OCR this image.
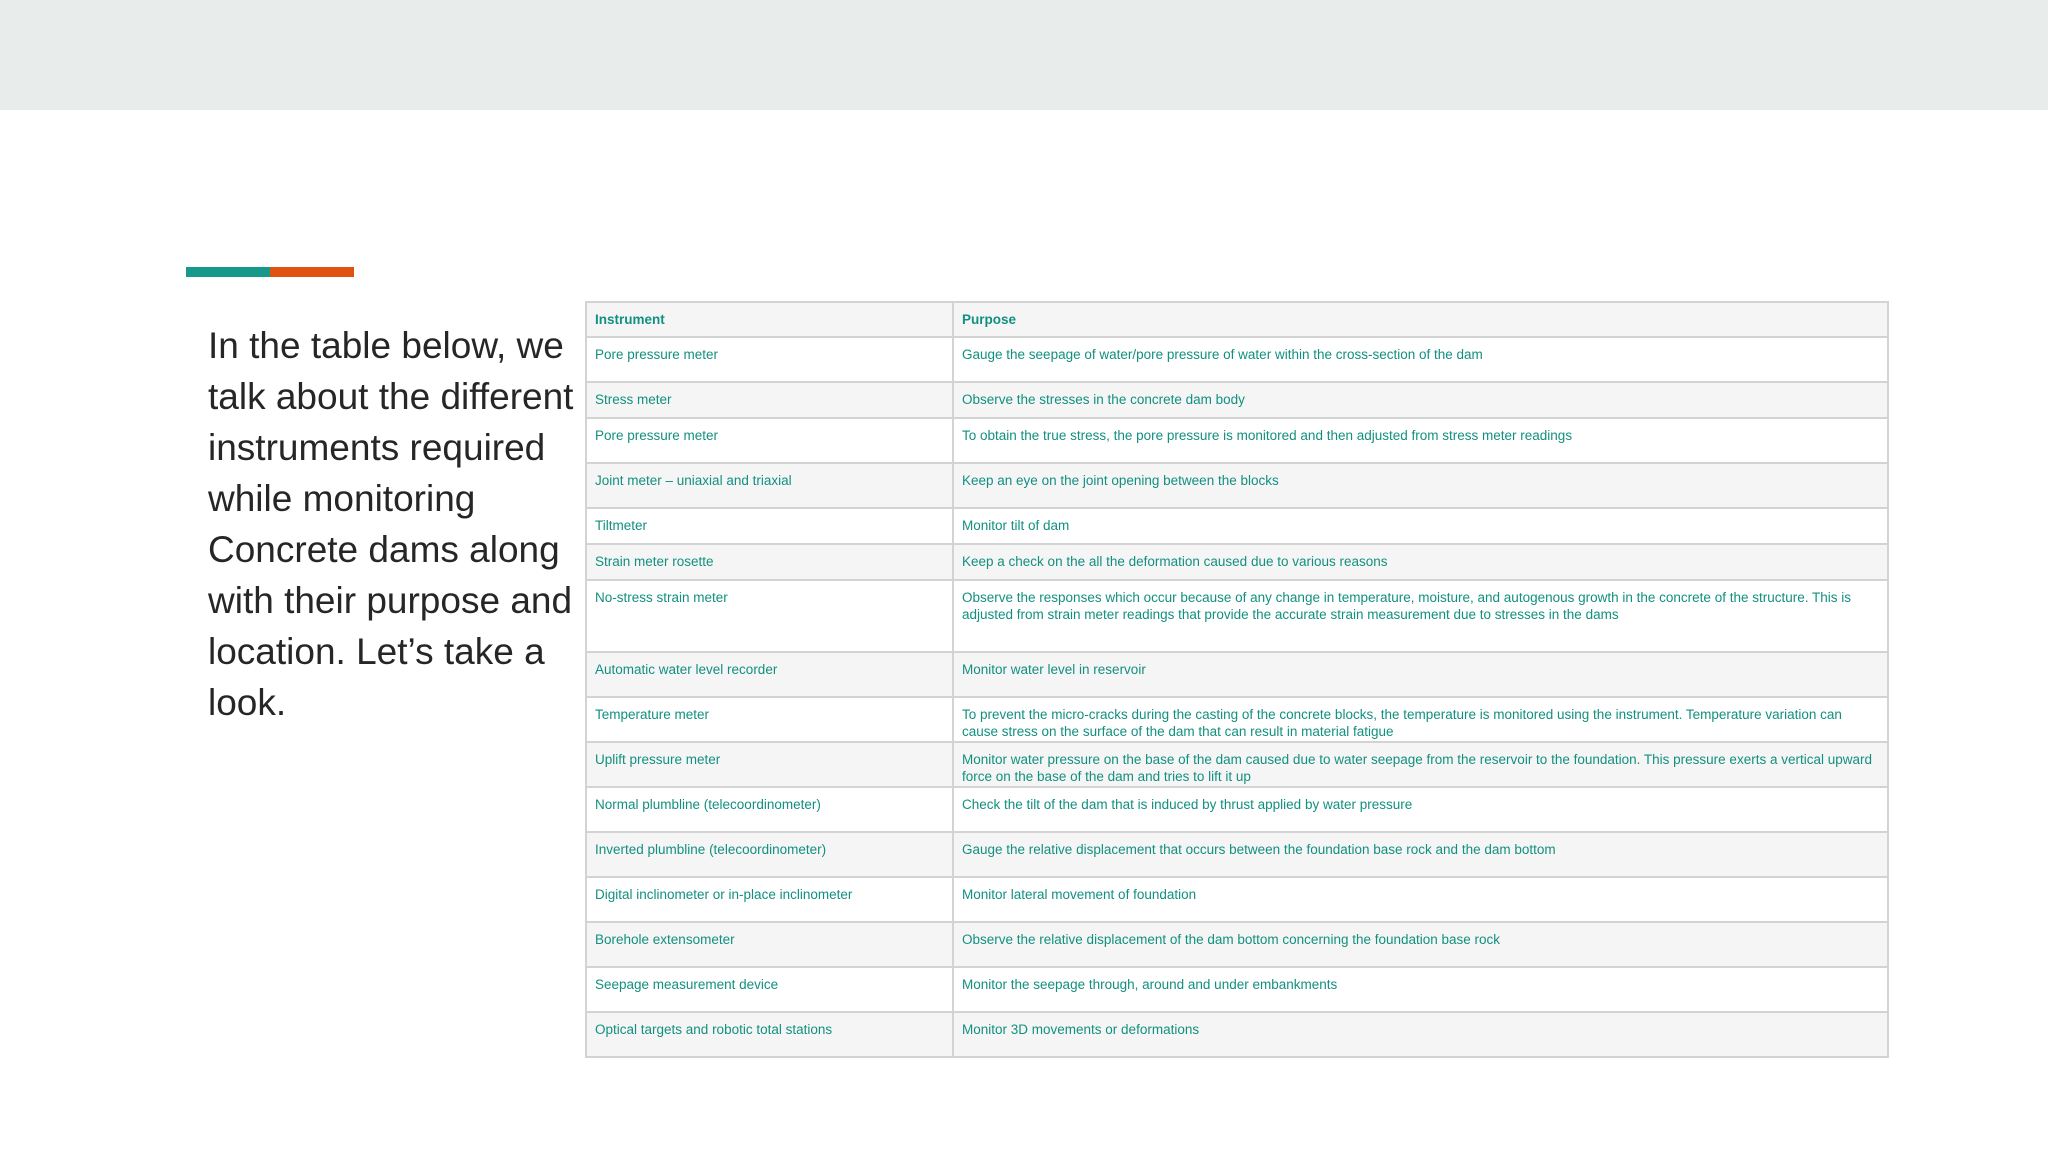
In the table below, we talk about the different instruments required while monitoring Concrete dams along with their purpose and location. Let’s take a look.

Instrument	Purpose
Pore pressure meter	Gauge the seepage of water/pore pressure of water within the cross-section of the dam
Stress meter	Observe the stresses in the concrete dam body
Pore pressure meter	To obtain the true stress, the pore pressure is monitored and then adjusted from stress meter readings
Joint meter – uniaxial and triaxial	Keep an eye on the joint opening between the blocks
Tiltmeter	Monitor tilt of dam
Strain meter rosette	Keep a check on the all the deformation caused due to various reasons
No-stress strain meter	Observe the responses which occur because of any change in temperature, moisture, and autogenous growth in the concrete of the structure. This is adjusted from strain meter readings that provide the accurate strain measurement due to stresses in the dams
Automatic water level recorder	Monitor water level in reservoir
Temperature meter	To prevent the micro-cracks during the casting of the concrete blocks, the temperature is monitored using the instrument. Temperature variation can cause stress on the surface of the dam that can result in material fatigue
Uplift pressure meter	Monitor water pressure on the base of the dam caused due to water seepage from the reservoir to the foundation. This pressure exerts a vertical upward force on the base of the dam and tries to lift it up
Normal plumbline (telecoordinometer)	Check the tilt of the dam that is induced by thrust applied by water pressure
Inverted plumbline (telecoordinometer)	Gauge the relative displacement that occurs between the foundation base rock and the dam bottom
Digital inclinometer or in-place inclinometer	Monitor lateral movement of foundation
Borehole extensometer	Observe the relative displacement of the dam bottom concerning the foundation base rock
Seepage measurement device	Monitor the seepage through, around and under embankments
Optical targets and robotic total stations	Monitor 3D movements or deformations
